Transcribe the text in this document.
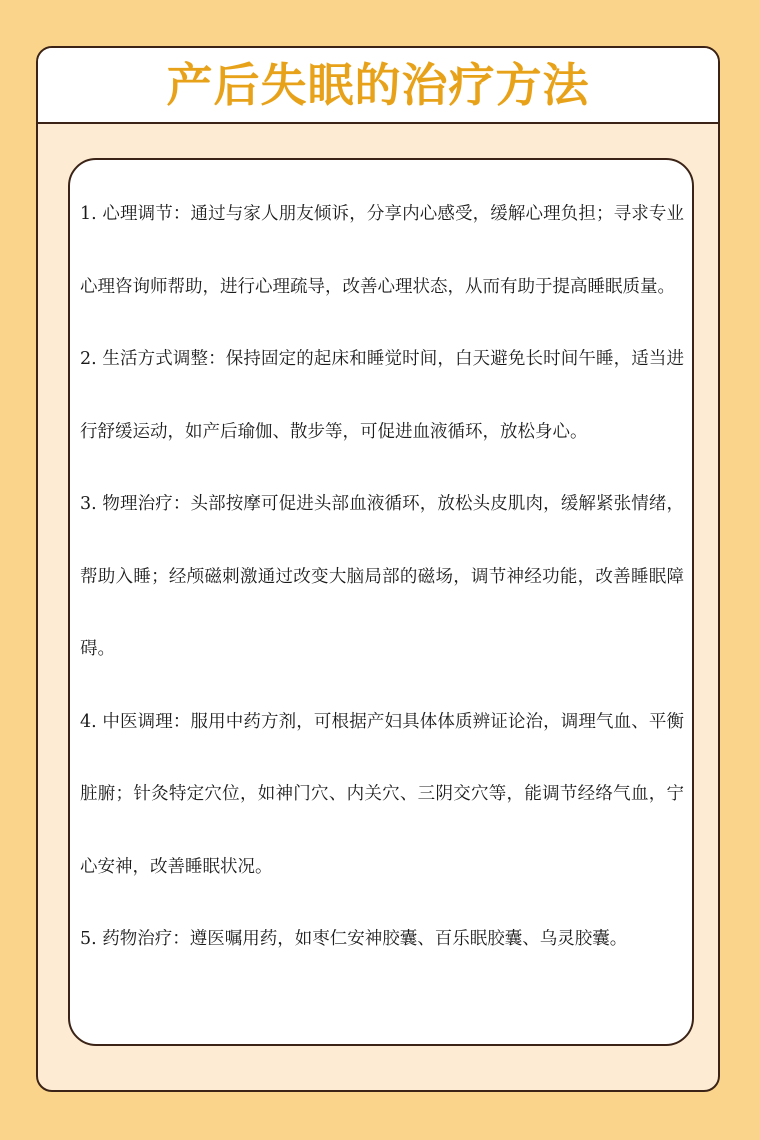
产后失眠的治疗方法
1. 心理调节：通过与家人朋友倾诉，分享内心感受，缓解心理负担；寻求专业心理咨询师帮助，进行心理疏导，改善心理状态，从而有助于提高睡眠质量。
2. 生活方式调整：保持固定的起床和睡觉时间，白天避免长时间午睡，适当进行舒缓运动，如产后瑜伽、散步等，可促进血液循环，放松身心。
3. 物理治疗：头部按摩可促进头部血液循环，放松头皮肌肉，缓解紧张情绪，帮助入睡；经颅磁刺激通过改变大脑局部的磁场，调节神经功能，改善睡眠障碍。
4. 中医调理：服用中药方剂，可根据产妇具体体质辨证论治，调理气血、平衡脏腑；针灸特定穴位，如神门穴、内关穴、三阴交穴等，能调节经络气血，宁心安神，改善睡眠状况。
5. 药物治疗：遵医嘱用药，如枣仁安神胶囊、百乐眠胶囊、乌灵胶囊。
